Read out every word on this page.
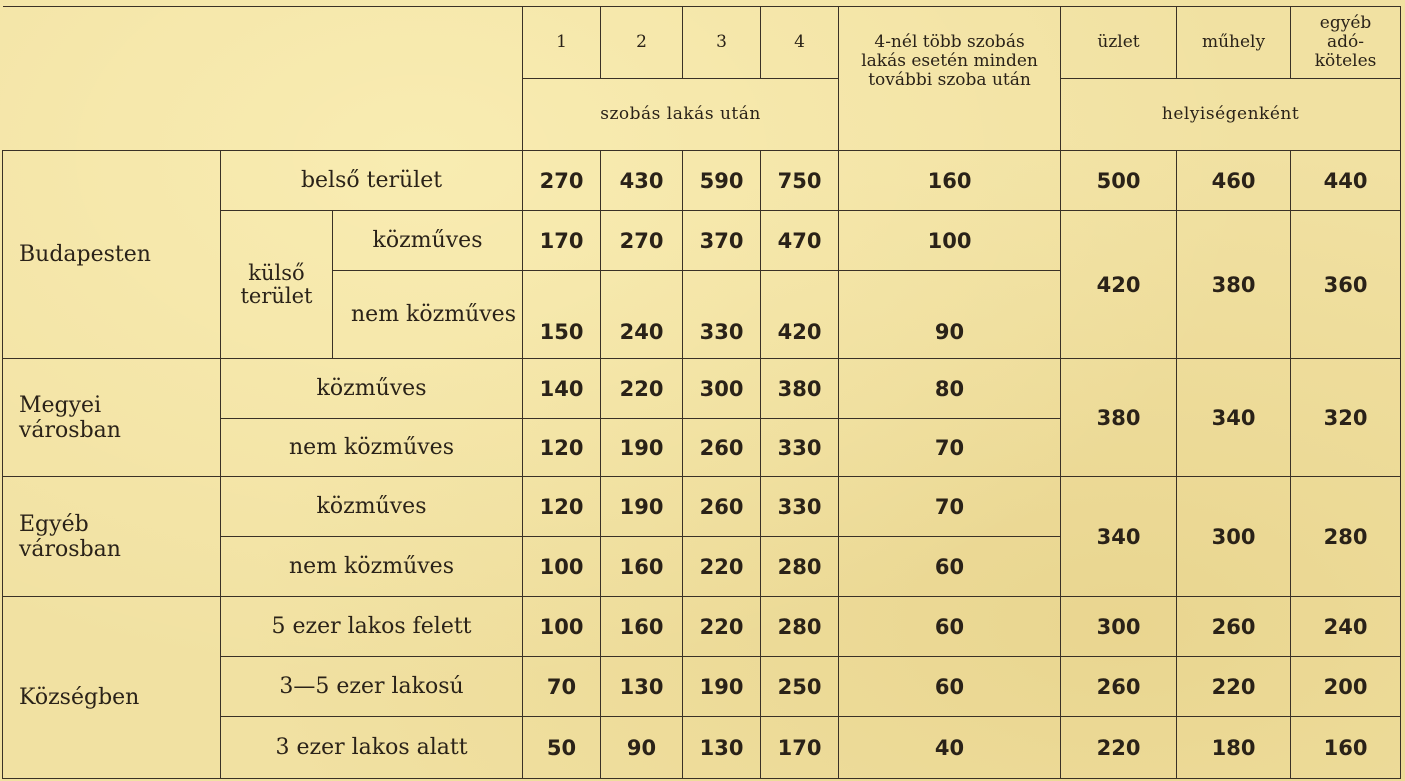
			1	2	3	4	4-nél több szobás lakás esetén minden további szoba után	üzlet	műhely	egyéb adó-köteles
			szobás lakás után					helyiségenként		
Budapesten	belső terület		270	430	590	750	160	500	460	440
	külső terület	közműves	170	270	370	470	100	420	380	360
		nem közműves	150	240	330	420	90			
Megyei városban	közműves		140	220	300	380	80	380	340	320
	nem közműves		120	190	260	330	70			
Egyéb városban	közműves		120	190	260	330	70	340	300	280
	nem közműves		100	160	220	280	60			
Községben	5 ezer lakos felett		100	160	220	280	60	300	260	240
	3—5 ezer lakosú		70	130	190	250	60	260	220	200
	3 ezer lakos alatt		50	90	130	170	40	220	180	160
